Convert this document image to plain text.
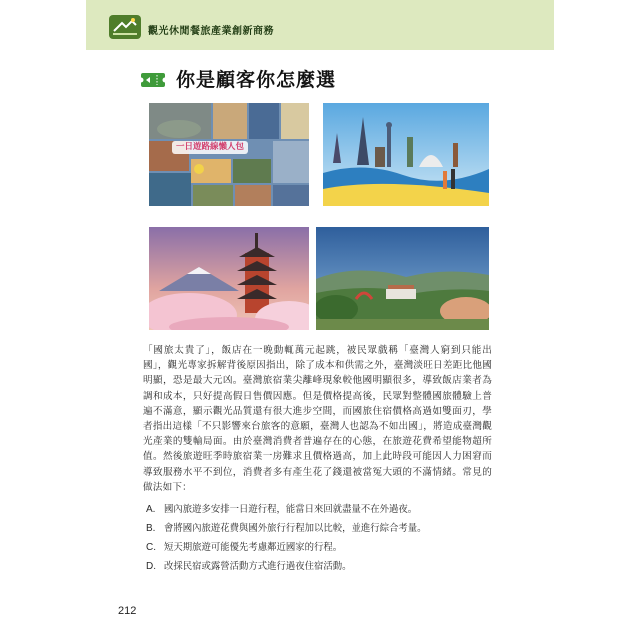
觀光休閒餐旅產業創新商務
你是顧客你怎麼選
一日遊路線懶人包

「國旅太貴了」，飯店在一晚動輒萬元起跳，被民眾戲稱「臺灣人窮到只能出國」，觀光專家拆解背後原因指出，除了成本和供需之外，臺灣淡旺日差距比他國明顯，恐是最大元凶。臺灣旅宿業尖離峰現象較他國明顯很多，導致飯店業者為調和成本，只好提高假日售價因應。但是價格提高後，民眾對整體國旅體驗上普遍不滿意，顯示觀光品質還有很大進步空間，而國旅住宿價格高過如雙面刃，學者指出這樣「不只影響來台旅客的意願，臺灣人也認為不如出國」，將造成臺灣觀光產業的雙輸局面。由於臺灣消費者普遍存在的心態，在旅遊花費希望能物超所值。然後旅遊旺季時旅宿業一房難求且價格過高，加上此時段可能因人力困窘而導致服務水平不到位，消費者多有產生花了錢還被當冤大頭的不滿情緒。常見的做法如下：

A. 國內旅遊多安排一日遊行程，能當日來回就盡量不在外過夜。
B. 會將國內旅遊花費與國外旅行行程加以比較，並進行綜合考量。
C. 短天期旅遊可能優先考慮鄰近國家的行程。
D. 改採民宿或露營活動方式進行過夜住宿活動。
212
